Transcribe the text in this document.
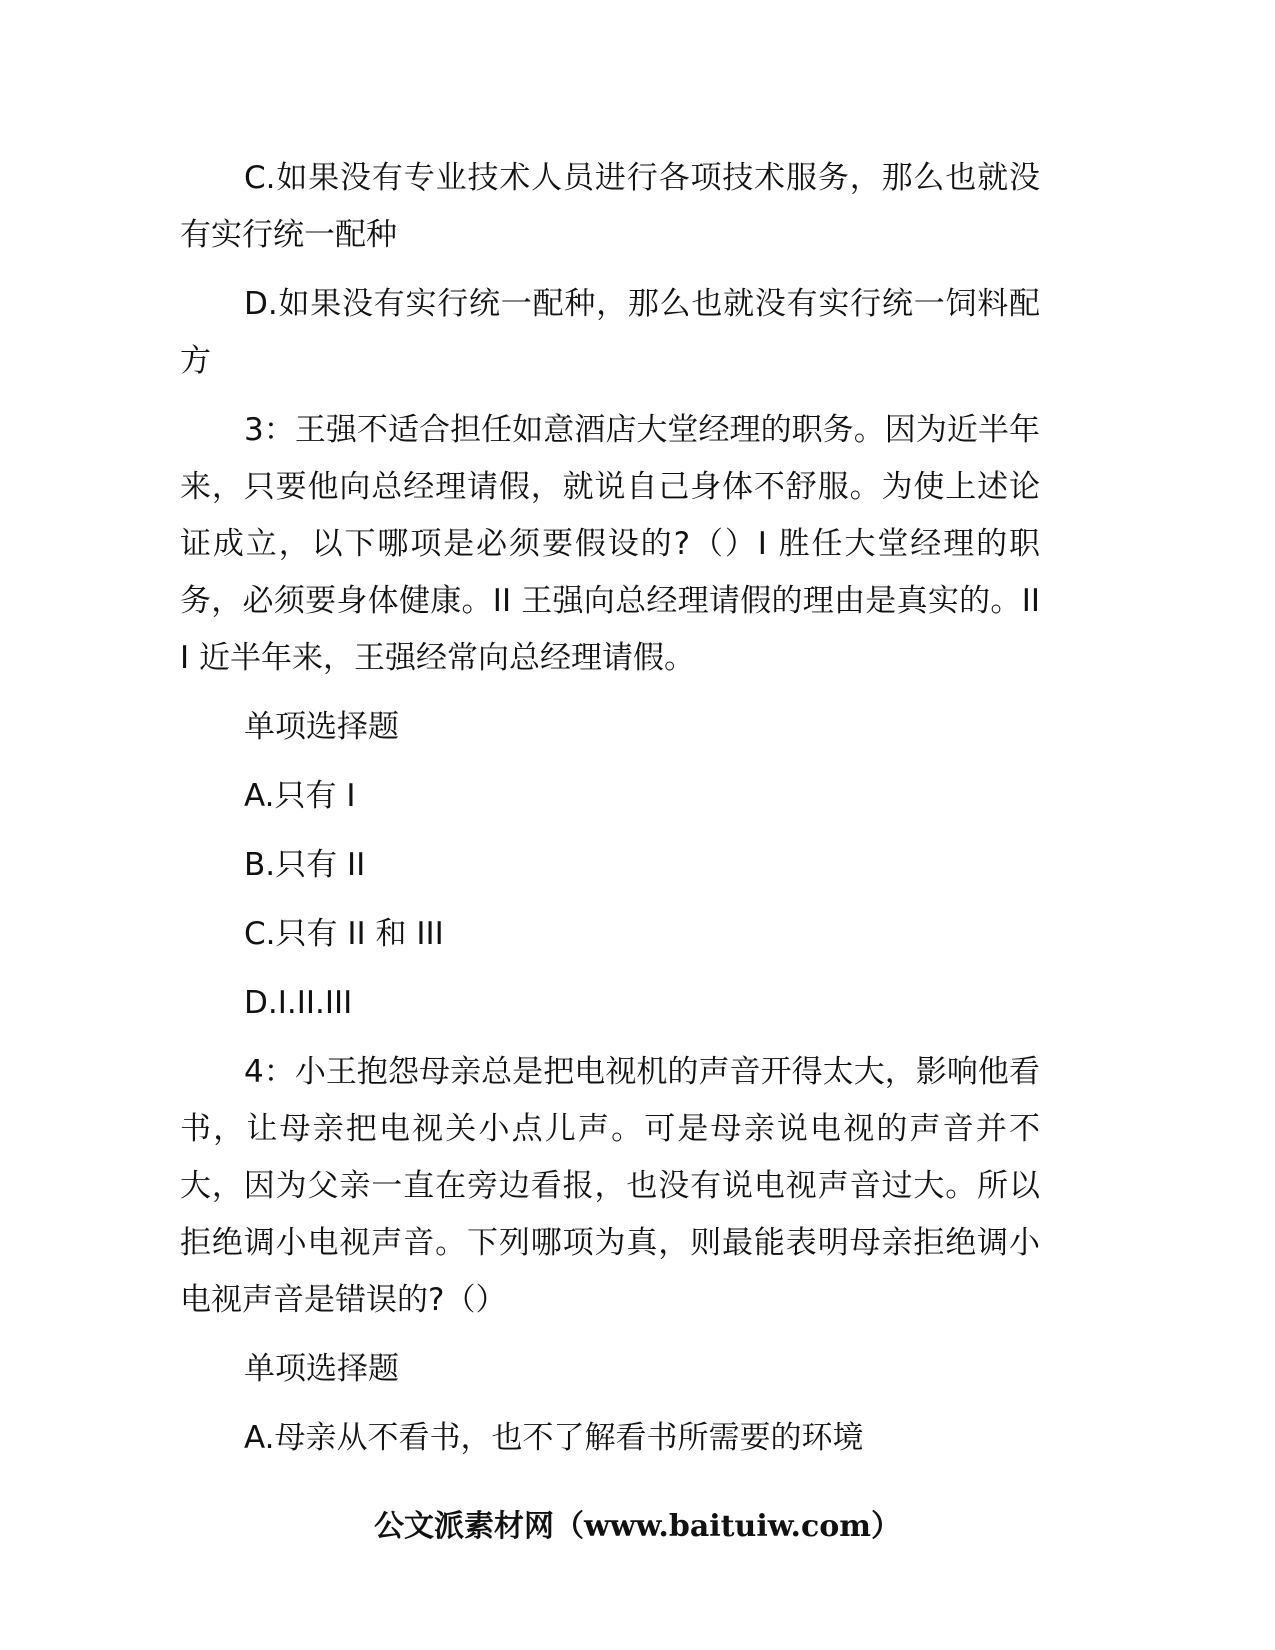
C.如果没有专业技术人员进行各项技术服务，那么也就没有实行统一配种

D.如果没有实行统一配种，那么也就没有实行统一饲料配方

3：王强不适合担任如意酒店大堂经理的职务。因为近半年来，只要他向总经理请假，就说自己身体不舒服。为使上述论证成立，以下哪项是必须要假设的?（）I 胜任大堂经理的职务，必须要身体健康。II 王强向总经理请假的理由是真实的。III 近半年来，王强经常向总经理请假。

单项选择题

A.只有 I

B.只有 II

C.只有 II 和 III

D.I.II.III

4：小王抱怨母亲总是把电视机的声音开得太大，影响他看书，让母亲把电视关小点儿声。可是母亲说电视的声音并不大，因为父亲一直在旁边看报，也没有说电视声音过大。所以拒绝调小电视声音。下列哪项为真，则最能表明母亲拒绝调小电视声音是错误的?（）

单项选择题

A.母亲从不看书，也不了解看书所需要的环境

公文派素材网（www.baituiw.com）
